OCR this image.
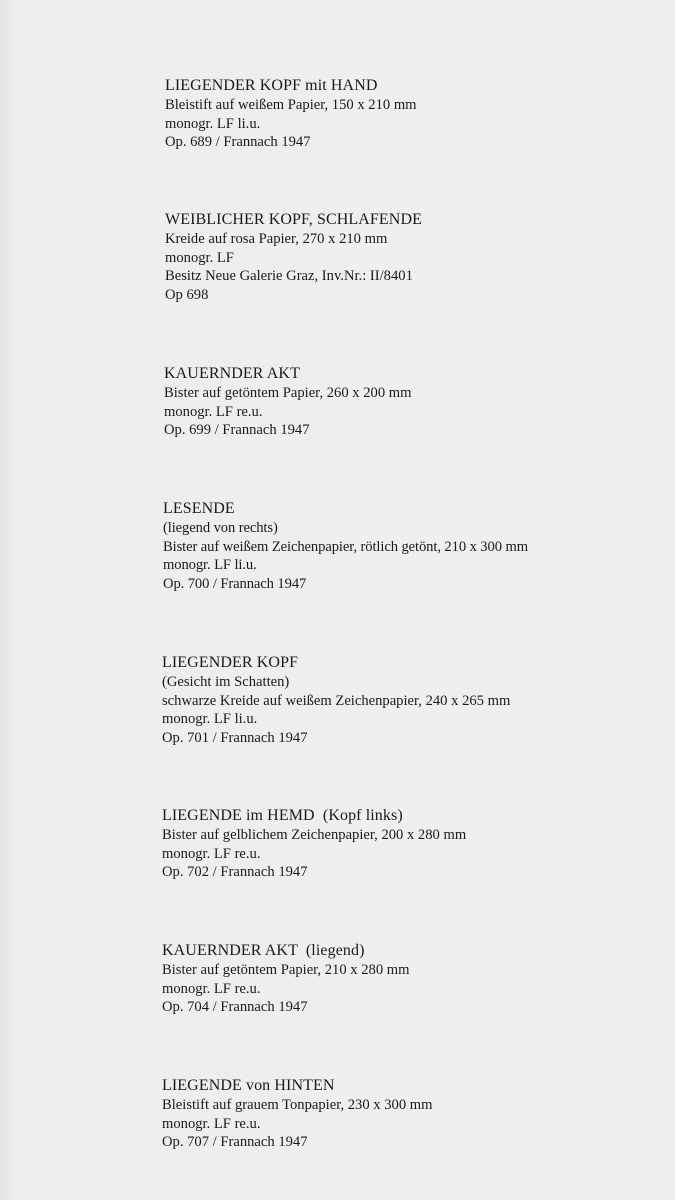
LIEGENDER KOPF mit HAND
Bleistift auf weißem Papier, 150 x 210 mm
monogr. LF li.u.
Op. 689 / Frannach 1947
WEIBLICHER KOPF, SCHLAFENDE
Kreide auf rosa Papier, 270 x 210 mm
monogr. LF
Besitz Neue Galerie Graz, Inv.Nr.: II/8401
Op 698
KAUERNDER AKT
Bister auf getöntem Papier, 260 x 200 mm
monogr. LF re.u.
Op. 699 / Frannach 1947
LESENDE
(liegend von rechts)
Bister auf weißem Zeichenpapier, rötlich getönt, 210 x 300 mm
monogr. LF li.u.
Op. 700 / Frannach 1947
LIEGENDER KOPF
(Gesicht im Schatten)
schwarze Kreide auf weißem Zeichenpapier, 240 x 265 mm
monogr. LF li.u.
Op. 701 / Frannach 1947
LIEGENDE im HEMD  (Kopf links)
Bister auf gelblichem Zeichenpapier, 200 x 280 mm
monogr. LF re.u.
Op. 702 / Frannach 1947
KAUERNDER AKT  (liegend)
Bister auf getöntem Papier, 210 x 280 mm
monogr. LF re.u.
Op. 704 / Frannach 1947
LIEGENDE von HINTEN
Bleistift auf grauem Tonpapier, 230 x 300 mm
monogr. LF re.u.
Op. 707 / Frannach 1947
